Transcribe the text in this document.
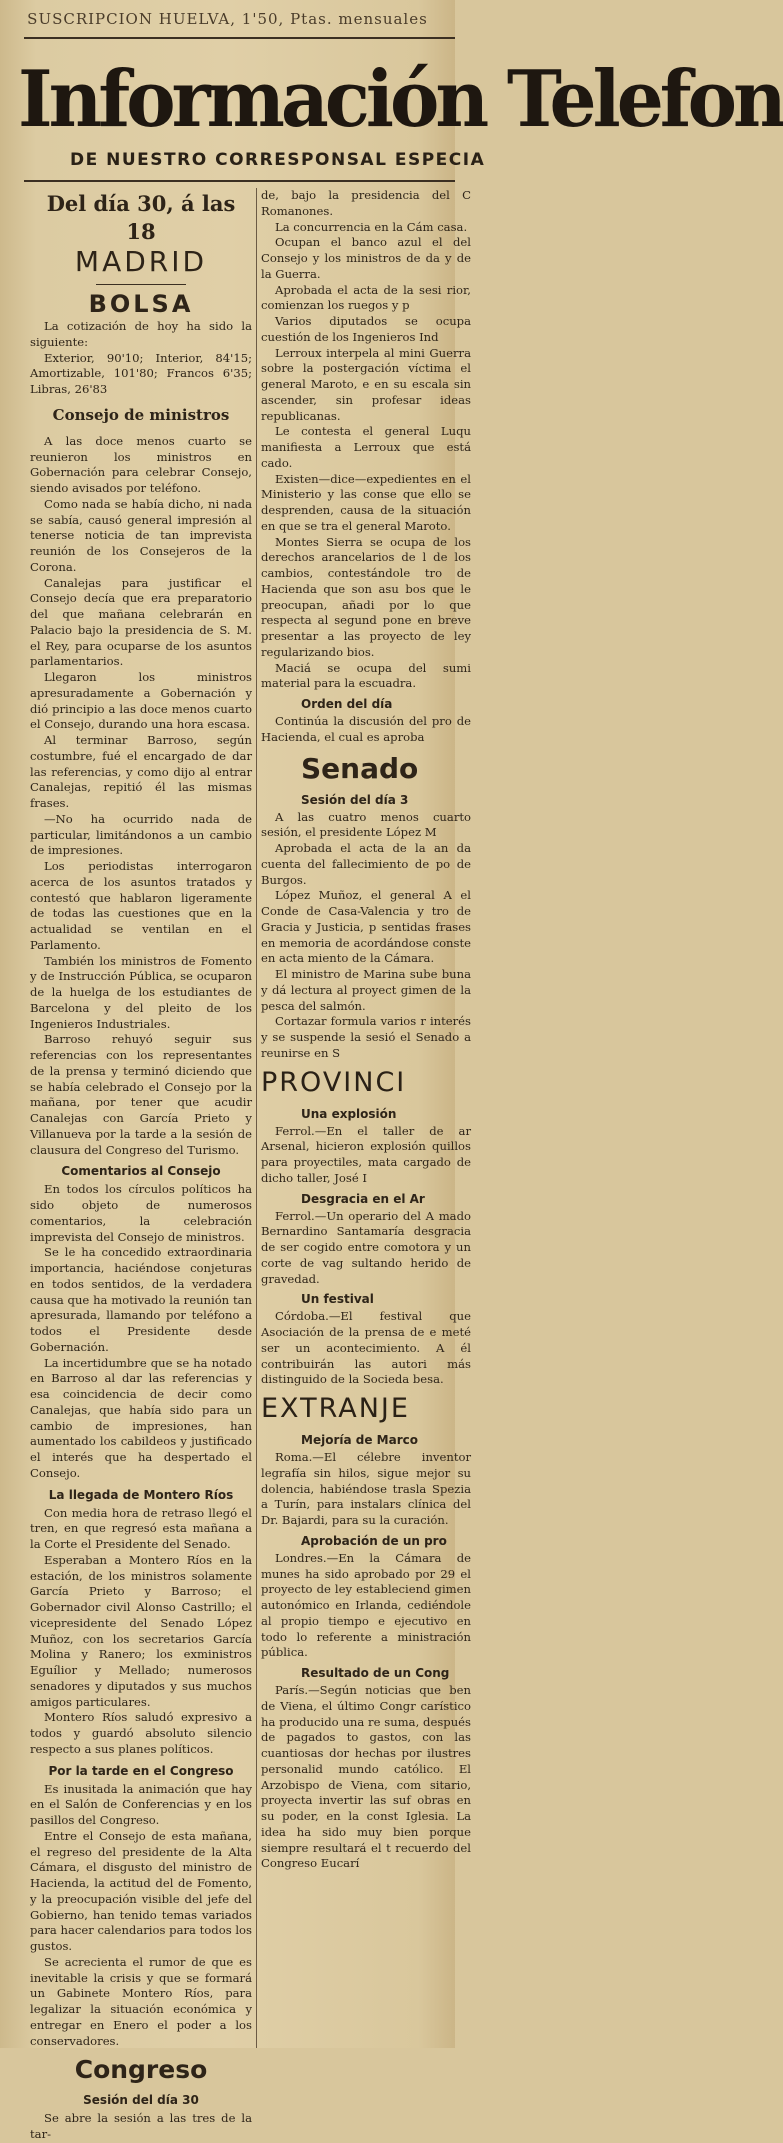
SUSCRIPCION HUELVA, 1'50, Ptas. mensuales
Información Telefon
DE NUESTRO CORRESPONSAL ESPECIA
Del día 30, á las 18
MADRID
BOLSA

La cotización de hoy ha sido la siguiente:

Exterior, 90'10; Interior, 84'15; Amortizable, 101'80; Francos 6'35; Libras, 26'83

Consejo de ministros

A las doce menos cuarto se reunieron los ministros en Gobernación para celebrar Consejo, siendo avisados por teléfono.

Como nada se había dicho, ni nada se sabía, causó general impresión al tenerse noticia de tan imprevista reunión de los Consejeros de la Corona.

Canalejas para justificar el Consejo decía que era preparatorio del que mañana celebrarán en Palacio bajo la presidencia de S. M. el Rey, para ocuparse de los asuntos parlamentarios.

Llegaron los ministros apresuradamente a Gobernación y dió principio a las doce menos cuarto el Consejo, durando una hora escasa.

Al terminar Barroso, según costumbre, fué el encargado de dar las referencias, y como dijo al entrar Canalejas, repitió él las mismas frases.

—No ha ocurrido nada de particular, limitándonos a un cambio de impresiones.

Los periodistas interrogaron acerca de los asuntos tratados y contestó que hablaron ligeramente de todas las cuestiones que en la actualidad se ventilan en el Parlamento.

También los ministros de Fomento y de Instrucción Pública, se ocuparon de la huelga de los estudiantes de Barcelona y del pleito de los Ingenieros Industriales.

Barroso rehuyó seguir sus referencias con los representantes de la prensa y terminó diciendo que se había celebrado el Consejo por la mañana, por tener que acudir Canalejas con García Prieto y Villanueva por la tarde a la sesión de clausura del Congreso del Turismo.

Comentarios al Consejo

En todos los círculos políticos ha sido objeto de numerosos comentarios, la celebración imprevista del Consejo de ministros.

Se le ha concedido extraordinaria importancia, haciéndose conjeturas en todos sentidos, de la verdadera causa que ha motivado la reunión tan apresurada, llamando por teléfono a todos el Presidente desde Gobernación.

La incertidumbre que se ha notado en Barroso al dar las referencias y esa coincidencia de decir como Canalejas, que había sido para un cambio de impresiones, han aumentado los cabildeos y justificado el interés que ha despertado el Consejo.

La llegada de Montero Ríos

Con media hora de retraso llegó el tren, en que regresó esta mañana a la Corte el Presidente del Senado.

Esperaban a Montero Ríos en la estación, de los ministros solamente García Prieto y Barroso; el Gobernador civil Alonso Castrillo; el vicepresidente del Senado López Muñoz, con los secretarios García Molina y Ranero; los exministros Eguílior y Mellado; numerosos senadores y diputados y sus muchos amigos particulares.

Montero Ríos saludó expresivo a todos y guardó absoluto silencio respecto a sus planes políticos.

Por la tarde en el Congreso

Es inusitada la animación que hay en el Salón de Conferencias y en los pasillos del Congreso.

Entre el Consejo de esta mañana, el regreso del presidente de la Alta Cámara, el disgusto del ministro de Hacienda, la actitud del de Fomento, y la preocupación visible del jefe del Gobierno, han tenido temas variados para hacer calendarios para todos los gustos.

Se acrecienta el rumor de que es inevitable la crisis y que se formará un Gabinete Montero Ríos, para legalizar la situación económica y entregar en Enero el poder a los conservadores.

Congreso
Sesión del día 30

Se abre la sesión a las tres de la tar-

de, bajo la presidencia del C Romanones.

La concurrencia en la Cám casa.

Ocupan el banco azul el del Consejo y los ministros de da y de la Guerra.

Aprobada el acta de la sesi rior, comienzan los ruegos y p

Varios diputados se ocupa cuestión de los Ingenieros Ind

Lerroux interpela al mini Guerra sobre la postergación víctima el general Maroto, e en su escala sin ascender, sin profesar ideas republicanas.

Le contesta el general Luqu manifiesta a Lerroux que está cado.

Existen—dice—expedientes en el Ministerio y las conse que ello se desprenden, causa de la situación en que se tra el general Maroto.

Montes Sierra se ocupa de los derechos arancelarios de l de los cambios, contestándole tro de Hacienda que son asu bos que le preocupan, añadi por lo que respecta al segund pone en breve presentar a las proyecto de ley regularizando bios.

Maciá se ocupa del sumi material para la escuadra.

Orden del día

Continúa la discusión del pro de Hacienda, el cual es aproba

Senado
Sesión del día 3

A las cuatro menos cuarto sesión, el presidente López M

Aprobada el acta de la an da cuenta del fallecimiento de po de Burgos.

López Muñoz, el general A el Conde de Casa-Valencia y tro de Gracia y Justicia, p sentidas frases en memoria de acordándose conste en acta miento de la Cámara.

El ministro de Marina sube buna y dá lectura al proyect gimen de la pesca del salmón.

Cortazar formula varios r interés y se suspende la sesió el Senado a reunirse en S

PROVINCI
Una explosión

Ferrol.—En el taller de ar Arsenal, hicieron explosión quillos para proyectiles, mata cargado de dicho taller, José I

Desgracia en el Ar

Ferrol.—Un operario del A mado Bernardino Santamaría desgracia de ser cogido entre comotora y un corte de vag sultando herido de gravedad.

Un festival

Córdoba.—El festival que Asociación de la prensa de e meté ser un acontecimiento. A él contribuirán las autori más distinguido de la Socieda besa.

EXTRANJE
Mejoría de Marco

Roma.—El célebre inventor legrafía sin hilos, sigue mejor su dolencia, habiéndose trasla Spezia a Turín, para instalars clínica del Dr. Bajardi, para su la curación.

Aprobación de un pro

Londres.—En la Cámara de munes ha sido aprobado por 29 el proyecto de ley estableciend gimen autonómico en Irlanda, cediéndole al propio tiempo e ejecutivo en todo lo referente a ministración pública.

Resultado de un Cong

París.—Según noticias que ben de Viena, el último Congr carístico ha producido una re suma, después de pagados to gastos, con las cuantiosas dor hechas por ilustres personalid mundo católico. El Arzobispo de Viena, com sitario, proyecta invertir las suf obras en su poder, en la const Iglesia. La idea ha sido muy bien porque siempre resultará el t recuerdo del Congreso Eucarí
